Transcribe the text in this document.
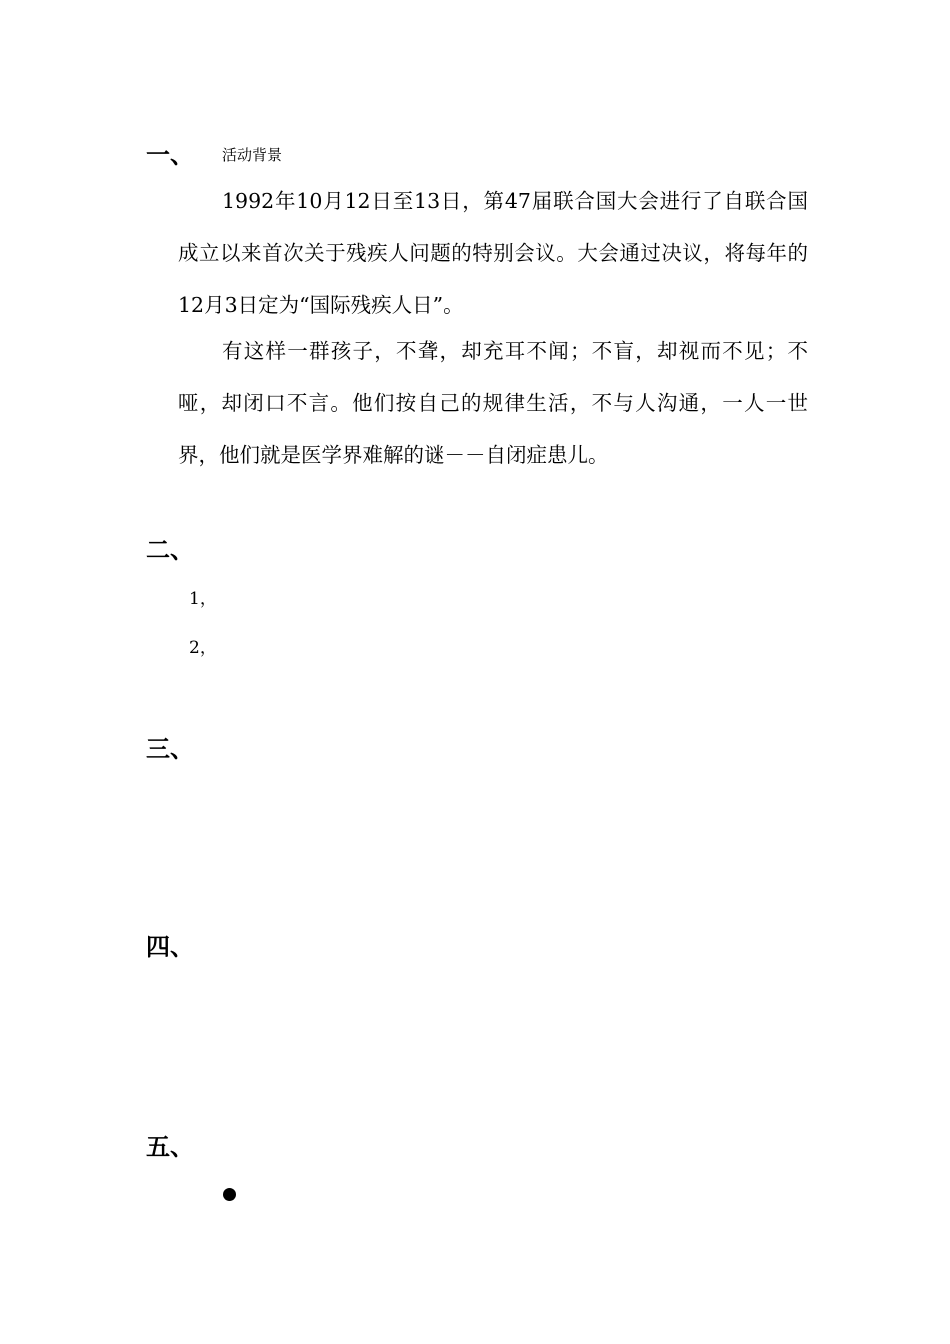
一、 活动背景

1992年10月12日至13日，第47届联合国大会进行了自联合国成立以来首次关于残疾人问题的特别会议。大会通过决议，将每年的12月3日定为“国际残疾人日”。

有这样一群孩子，不聋，却充耳不闻；不盲，却视而不见；不哑，却闭口不言。他们按自己的规律生活，不与人沟通，一人一世界，他们就是医学界难解的谜－－自闭症患儿。

二、
1，
2，
三、
四、
五、
